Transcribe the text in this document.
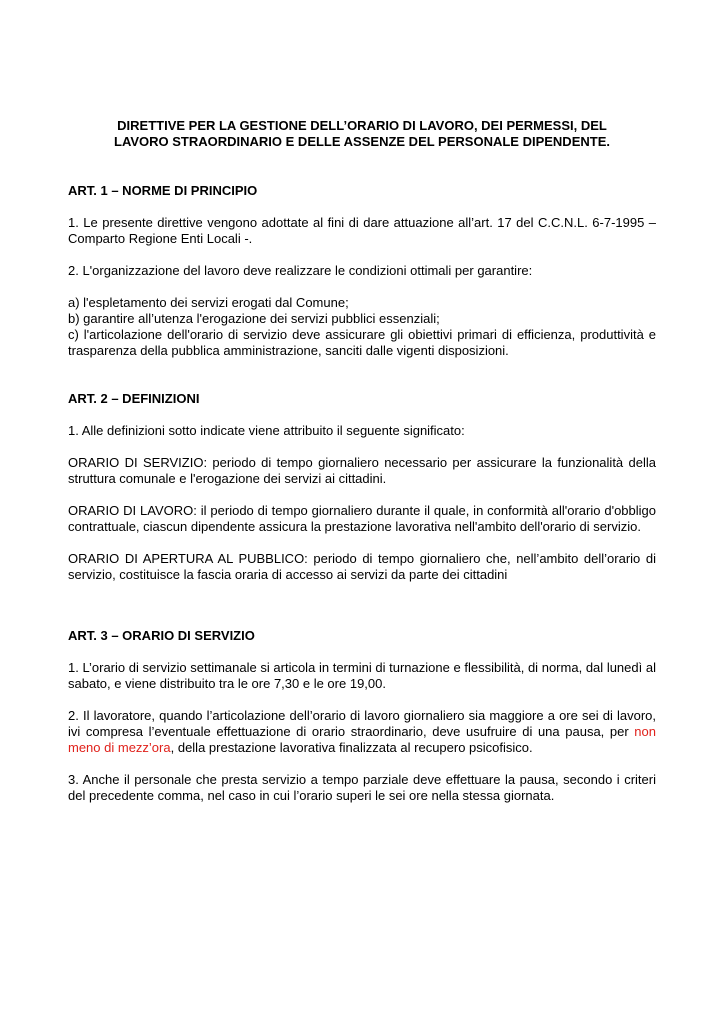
DIRETTIVE PER LA GESTIONE DELL’ORARIO DI LAVORO, DEI PERMESSI, DEL LAVORO STRAORDINARIO E DELLE ASSENZE DEL PERSONALE DIPENDENTE.

ART. 1 – NORME DI PRINCIPIO

1. Le presente direttive vengono adottate al fini di dare attuazione all’art. 17 del C.C.N.L. 6-7-1995 – Comparto Regione Enti Locali -.

2. L'organizzazione del lavoro deve realizzare le condizioni ottimali per garantire:

a) l'espletamento dei servizi erogati dal Comune;

b) garantire all’utenza l'erogazione dei servizi pubblici essenziali;

c) l'articolazione dell'orario di servizio deve assicurare gli obiettivi primari di efficienza, produttività e trasparenza della pubblica amministrazione, sanciti dalle vigenti disposizioni.

ART. 2 – DEFINIZIONI

1. Alle definizioni sotto indicate viene attribuito il seguente significato:

ORARIO DI SERVIZIO: periodo di tempo giornaliero necessario per assicurare la funzionalità della struttura comunale e l'erogazione dei servizi ai cittadini.

ORARIO DI LAVORO: il periodo di tempo giornaliero durante il quale, in conformità all'orario d'obbligo contrattuale, ciascun dipendente assicura la prestazione lavorativa nell'ambito dell'orario di servizio.

ORARIO DI APERTURA AL PUBBLICO: periodo di tempo giornaliero che, nell’ambito dell’orario di servizio, costituisce la fascia oraria di accesso ai servizi da parte dei cittadini

ART. 3 – ORARIO DI SERVIZIO

1. L’orario di servizio settimanale si articola in termini di turnazione e flessibilità, di norma, dal lunedì al sabato, e viene distribuito tra le ore 7,30 e le ore 19,00.

2. Il lavoratore, quando l’articolazione dell’orario di lavoro giornaliero sia maggiore a ore sei di lavoro, ivi compresa l’eventuale effettuazione di orario straordinario, deve usufruire di una pausa, per non meno di mezz’ora, della prestazione lavorativa finalizzata al recupero psicofisico.

3. Anche il personale che presta servizio a tempo parziale deve effettuare la pausa, secondo i criteri del precedente comma, nel caso in cui l’orario superi le sei ore nella stessa giornata.
